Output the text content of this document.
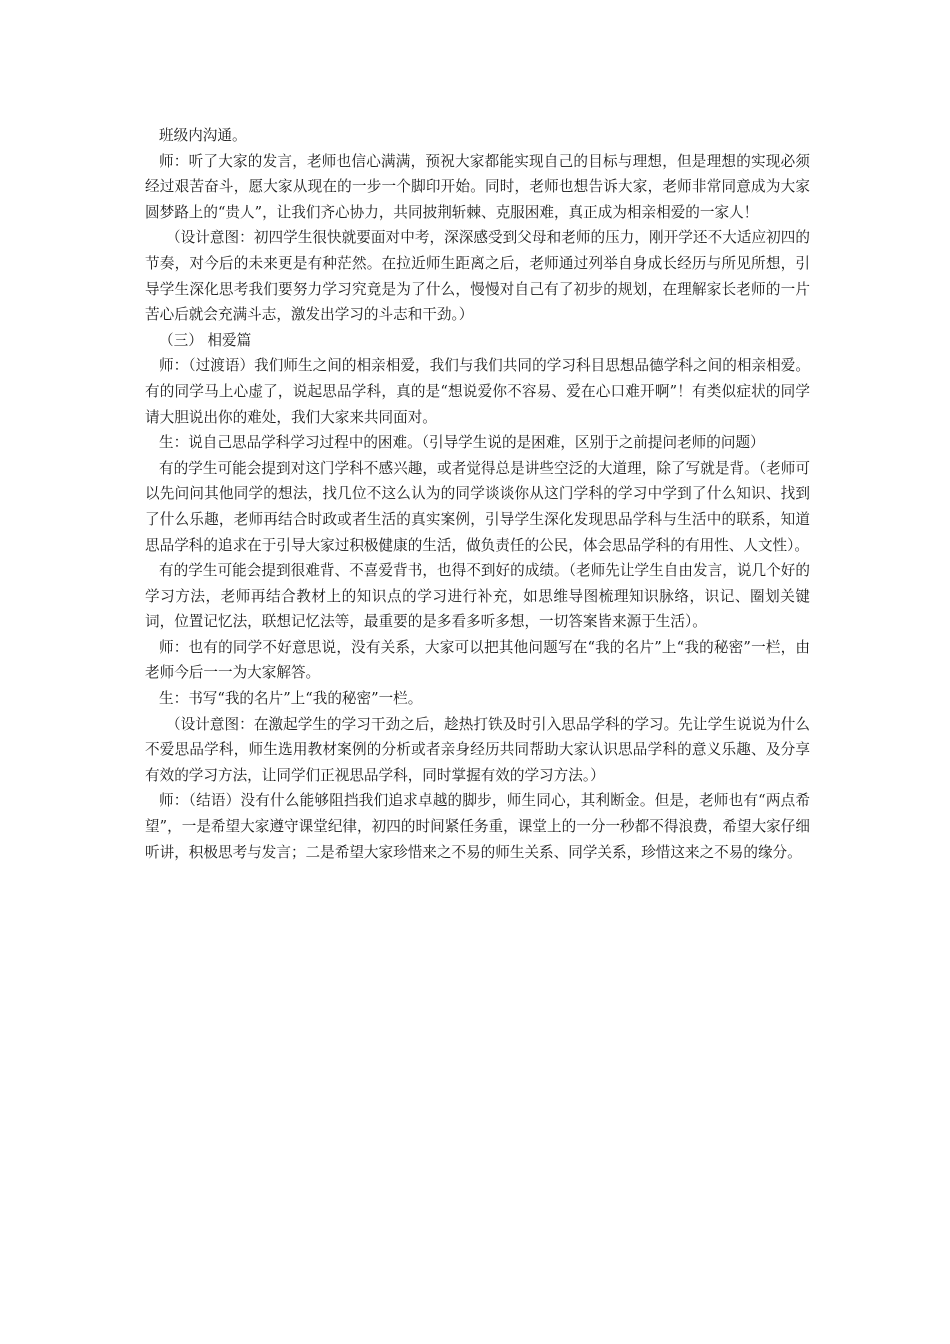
班级内沟通。

师：听了大家的发言，老师也信心满满，预祝大家都能实现自己的目标与理想，但是理想的实现必须经过艰苦奋斗，愿大家从现在的一步一个脚印开始。同时，老师也想告诉大家，老师非常同意成为大家圆梦路上的“贵人”，让我们齐心协力，共同披荆斩棘、克服困难，真正成为相亲相爱的一家人！

（设计意图：初四学生很快就要面对中考，深深感受到父母和老师的压力，刚开学还不大适应初四的节奏，对今后的未来更是有种茫然。在拉近师生距离之后，老师通过列举自身成长经历与所见所想，引导学生深化思考我们要努力学习究竟是为了什么，慢慢对自己有了初步的规划，在理解家长老师的一片苦心后就会充满斗志，激发出学习的斗志和干劲。）

（三） 相爱篇

师：（过渡语）我们师生之间的相亲相爱，我们与我们共同的学习科目思想品德学科之间的相亲相爱。有的同学马上心虚了，说起思品学科，真的是“想说爱你不容易、爱在心口难开啊”！有类似症状的同学请大胆说出你的难处，我们大家来共同面对。

生：说自己思品学科学习过程中的困难。（引导学生说的是困难，区别于之前提问老师的问题）

有的学生可能会提到对这门学科不感兴趣，或者觉得总是讲些空泛的大道理，除了写就是背。（老师可以先问问其他同学的想法，找几位不这么认为的同学谈谈你从这门学科的学习中学到了什么知识、找到了什么乐趣，老师再结合时政或者生活的真实案例，引导学生深化发现思品学科与生活中的联系，知道思品学科的追求在于引导大家过积极健康的生活，做负责任的公民，体会思品学科的有用性、人文性）。

有的学生可能会提到很难背、不喜爱背书，也得不到好的成绩。（老师先让学生自由发言，说几个好的学习方法，老师再结合教材上的知识点的学习进行补充，如思维导图梳理知识脉络，识记、圈划关键词，位置记忆法，联想记忆法等，最重要的是多看多听多想，一切答案皆来源于生活）。

师：也有的同学不好意思说，没有关系，大家可以把其他问题写在“我的名片”上“我的秘密”一栏，由老师今后一一为大家解答。

生：书写“我的名片”上“我的秘密”一栏。

（设计意图：在激起学生的学习干劲之后，趁热打铁及时引入思品学科的学习。先让学生说说为什么不爱思品学科，师生选用教材案例的分析或者亲身经历共同帮助大家认识思品学科的意义乐趣、及分享有效的学习方法，让同学们正视思品学科，同时掌握有效的学习方法。）

师：（结语）没有什么能够阻挡我们追求卓越的脚步，师生同心，其利断金。但是，老师也有“两点希望”，一是希望大家遵守课堂纪律，初四的时间紧任务重，课堂上的一分一秒都不得浪费，希望大家仔细听讲，积极思考与发言；二是希望大家珍惜来之不易的师生关系、同学关系，珍惜这来之不易的缘分。
